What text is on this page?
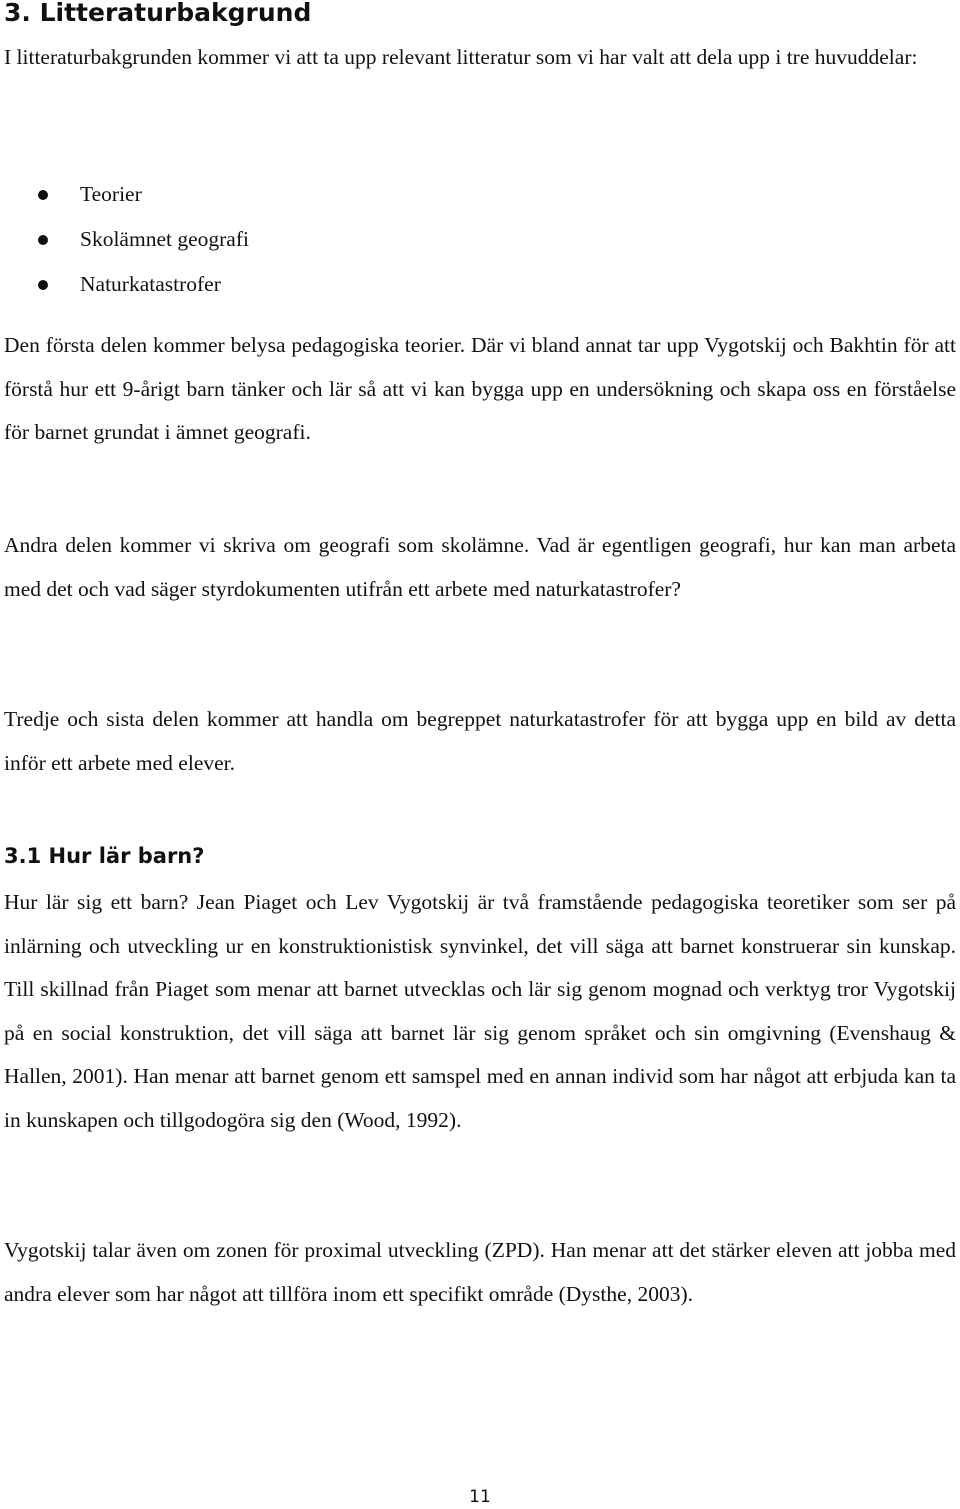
3. Litteraturbakgrund

I litteraturbakgrunden kommer vi att ta upp relevant litteratur som vi har valt att dela upp i tre huvuddelar:

Teorier
Skolämnet geografi
Naturkatastrofer

Den första delen kommer belysa pedagogiska teorier. Där vi bland annat tar upp Vygotskij och Bakhtin för att förstå hur ett 9-årigt barn tänker och lär så att vi kan bygga upp en undersökning och skapa oss en förståelse för barnet grundat i ämnet geografi.

Andra delen kommer vi skriva om geografi som skolämne. Vad är egentligen geografi, hur kan man arbeta med det och vad säger styrdokumenten utifrån ett arbete med naturkatastrofer?

Tredje och sista delen kommer att handla om begreppet naturkatastrofer för att bygga upp en bild av detta inför ett arbete med elever.

3.1 Hur lär barn?

Hur lär sig ett barn? Jean Piaget och Lev Vygotskij är två framstående pedagogiska teoretiker som ser på inlärning och utveckling ur en konstruktionistisk synvinkel, det vill säga att barnet konstruerar sin kunskap. Till skillnad från Piaget som menar att barnet utvecklas och lär sig genom mognad och verktyg tror Vygotskij på en social konstruktion, det vill säga att barnet lär sig genom språket och sin omgivning (Evenshaug & Hallen, 2001). Han menar att barnet genom ett samspel med en annan individ som har något att erbjuda kan ta in kunskapen och tillgodogöra sig den (Wood, 1992).

Vygotskij talar även om zonen för proximal utveckling (ZPD). Han menar att det stärker eleven att jobba med andra elever som har något att tillföra inom ett specifikt område (Dysthe, 2003).

11
